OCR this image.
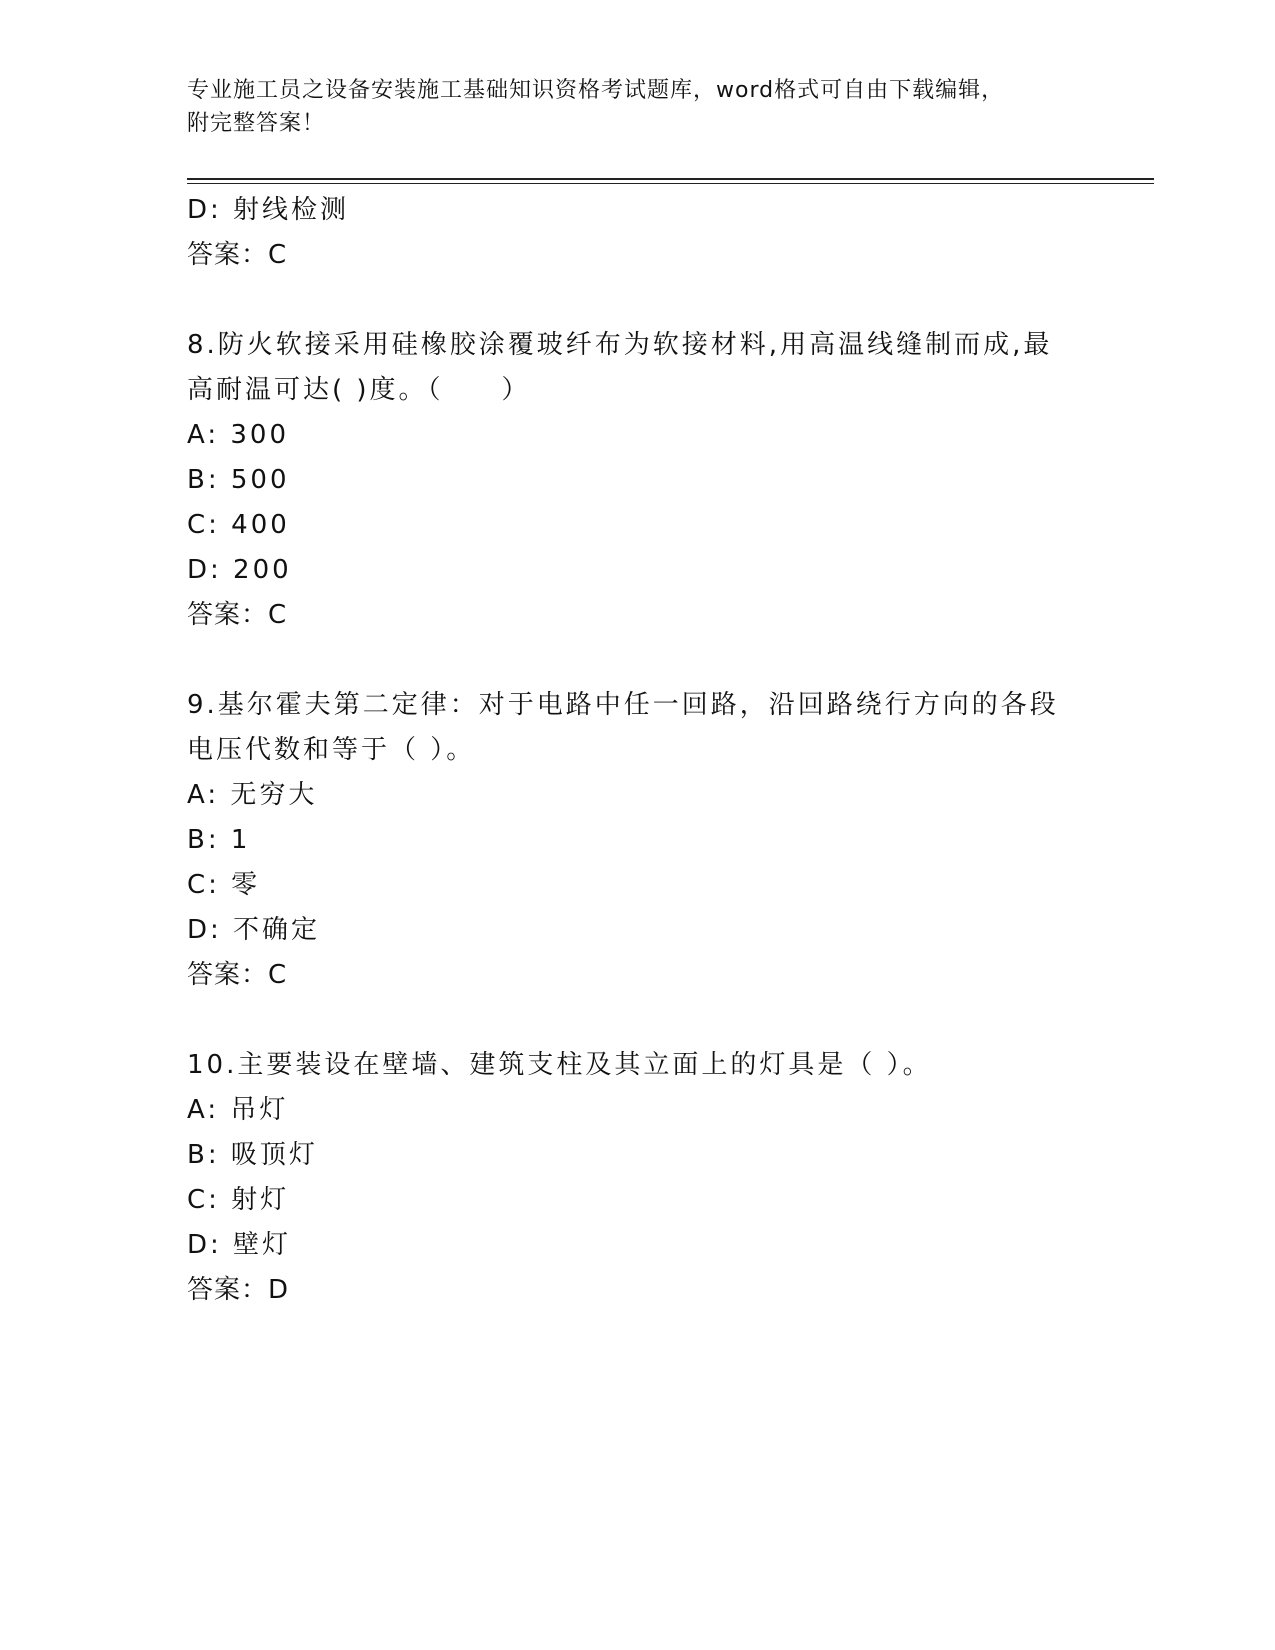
专业施工员之设备安装施工基础知识资格考试题库，word格式可自由下载编辑，
附完整答案！
D: 射线检测
答案：C
8.防火软接采用硅橡胶涂覆玻纤布为软接材料,用高温线缝制而成,最
高耐温可达( )度。（　　）
A: 300
B: 500
C: 400
D: 200
答案：C
9.基尔霍夫第二定律：对于电路中任一回路，沿回路绕行方向的各段
电压代数和等于（ ）。
A: 无穷大
B: 1
C: 零
D: 不确定
答案：C
10.主要装设在壁墙、建筑支柱及其立面上的灯具是（ ）。
A: 吊灯
B: 吸顶灯
C: 射灯
D: 壁灯
答案：D
